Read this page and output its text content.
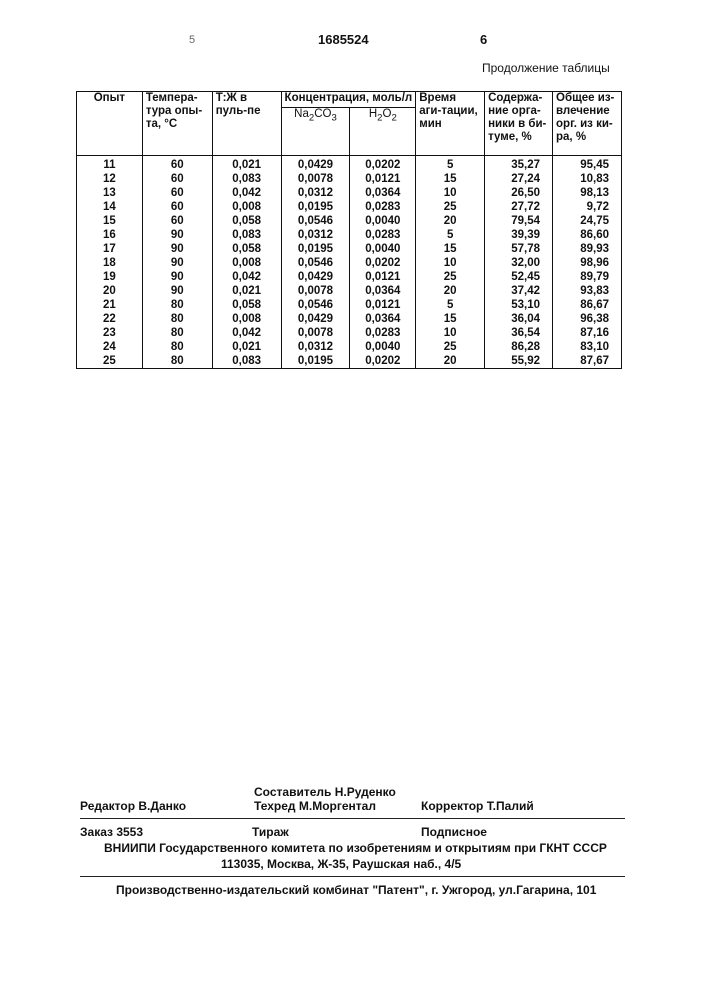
5	1685524	6
Продолжение таблицы
Опыт	Темпера-тура опы-та, °С	Т:Ж в пуль-пе	Концентрация, моль/л	Время аги-тации, мин	Содержа-ние орга-ники в би-туме, %	Общее из-влечение орг. из ки-ра, %
Na2CO3	H2O2
11	60	0,021	0,0429	0,0202	5	35,27	95,45
12	60	0,083	0,0078	0,0121	15	27,24	10,83
13	60	0,042	0,0312	0,0364	10	26,50	98,13
14	60	0,008	0,0195	0,0283	25	27,72	9,72
15	60	0,058	0,0546	0,0040	20	79,54	24,75
16	90	0,083	0,0312	0,0283	5	39,39	86,60
17	90	0,058	0,0195	0,0040	15	57,78	89,93
18	90	0,008	0,0546	0,0202	10	32,00	98,96
19	90	0,042	0,0429	0,0121	25	52,45	89,79
20	90	0,021	0,0078	0,0364	20	37,42	93,83
21	80	0,058	0,0546	0,0121	5	53,10	86,67
22	80	0,008	0,0429	0,0364	15	36,04	96,38
23	80	0,042	0,0078	0,0283	10	36,54	87,16
24	80	0,021	0,0312	0,0040	25	86,28	83,10
25	80	0,083	0,0195	0,0202	20	55,92	87,67
Составитель Н.Руденко
Редактор В.Данко	Техред М.Моргентал	Корректор Т.Палий
Заказ 3553	Тираж	Подписное
ВНИИПИ Государственного комитета по изобретениям и открытиям при ГКНТ СССР
113035, Москва, Ж-35, Раушская наб., 4/5
Производственно-издательский комбинат "Патент", г. Ужгород, ул.Гагарина, 101
